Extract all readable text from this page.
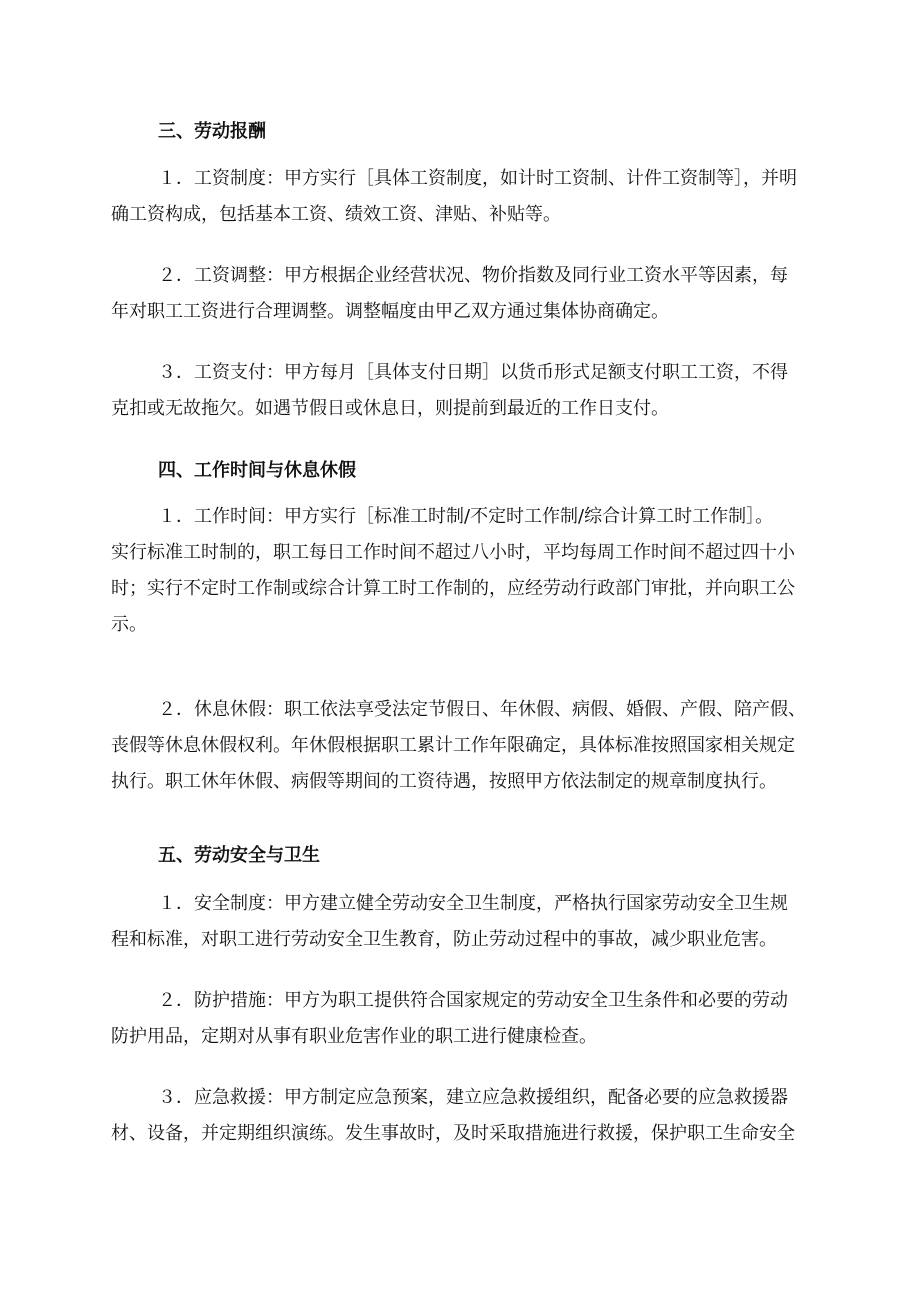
三、劳动报酬
１．工资制度：甲方实行［具体工资制度，如计时工资制、计件工资制等］，并明
确工资构成，包括基本工资、绩效工资、津贴、补贴等。
２．工资调整：甲方根据企业经营状况、物价指数及同行业工资水平等因素，每
年对职工工资进行合理调整。调整幅度由甲乙双方通过集体协商确定。
３．工资支付：甲方每月［具体支付日期］以货币形式足额支付职工工资，不得
克扣或无故拖欠。如遇节假日或休息日，则提前到最近的工作日支付。
四、工作时间与休息休假
１．工作时间：甲方实行［标准工时制/不定时工作制/综合计算工时工作制］。
实行标准工时制的，职工每日工作时间不超过八小时，平均每周工作时间不超过四十小
时；实行不定时工作制或综合计算工时工作制的，应经劳动行政部门审批，并向职工公
示。
２．休息休假：职工依法享受法定节假日、年休假、病假、婚假、产假、陪产假、
丧假等休息休假权利。年休假根据职工累计工作年限确定，具体标准按照国家相关规定
执行。职工休年休假、病假等期间的工资待遇，按照甲方依法制定的规章制度执行。
五、劳动安全与卫生
１．安全制度：甲方建立健全劳动安全卫生制度，严格执行国家劳动安全卫生规
程和标准，对职工进行劳动安全卫生教育，防止劳动过程中的事故，减少职业危害。
２．防护措施：甲方为职工提供符合国家规定的劳动安全卫生条件和必要的劳动
防护用品，定期对从事有职业危害作业的职工进行健康检查。
３．应急救援：甲方制定应急预案，建立应急救援组织，配备必要的应急救援器
材、设备，并定期组织演练。发生事故时，及时采取措施进行救援，保护职工生命安全
